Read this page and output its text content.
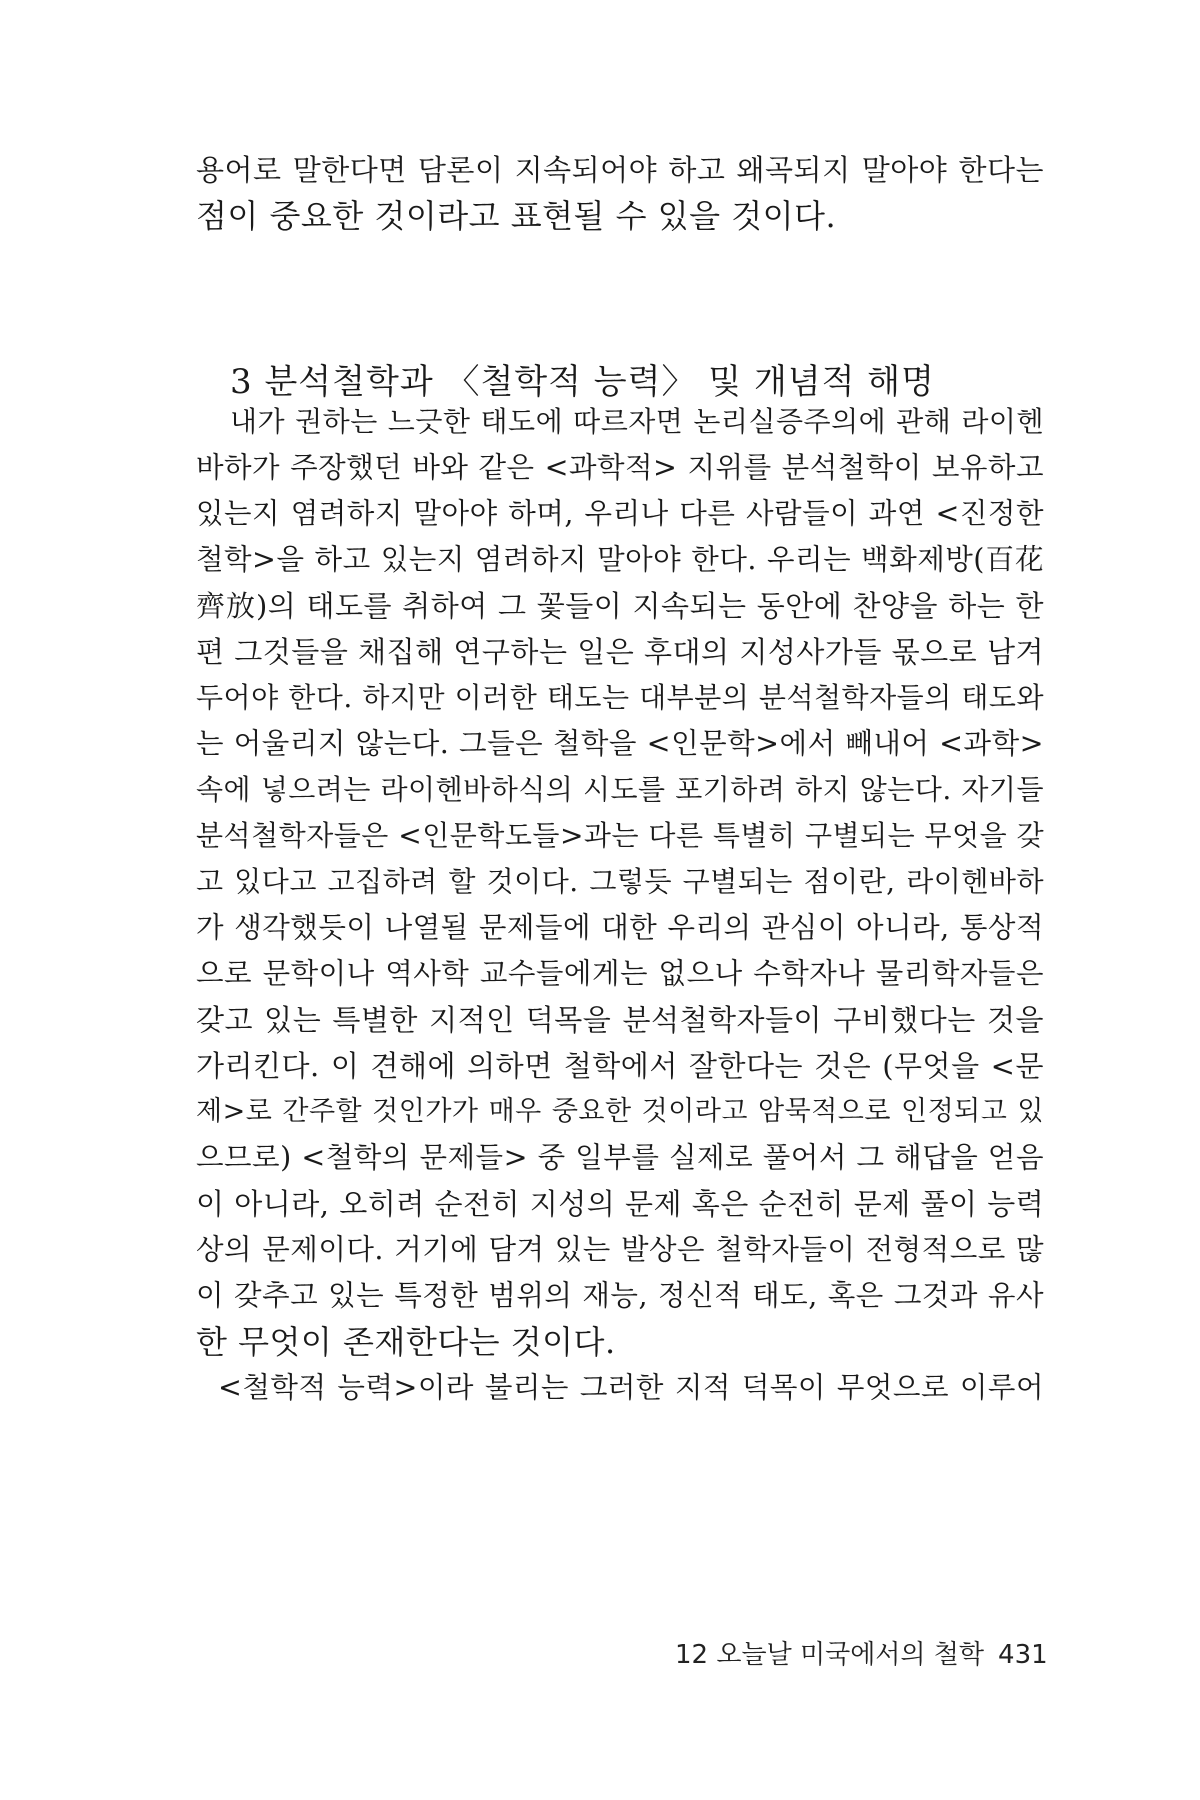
용어로 말한다면 담론이 지속되어야 하고 왜곡되지 말아야 한다는
점이 중요한 것이라고 표현될 수 있을 것이다.
3 분석철학과 〈철학적 능력〉 및 개념적 해명
내가 권하는 느긋한 태도에 따르자면 논리실증주의에 관해 라이헨
바하가 주장했던 바와 같은 <과학적> 지위를 분석철학이 보유하고
있는지 염려하지 말아야 하며, 우리나 다른 사람들이 과연 <진정한
철학>을 하고 있는지 염려하지 말아야 한다. 우리는 백화제방(百花
齊放)의 태도를 취하여 그 꽃들이 지속되는 동안에 찬양을 하는 한
편 그것들을 채집해 연구하는 일은 후대의 지성사가들 몫으로 남겨
두어야 한다. 하지만 이러한 태도는 대부분의 분석철학자들의 태도와
는 어울리지 않는다. 그들은 철학을 <인문학>에서 빼내어 <과학>
속에 넣으려는 라이헨바하식의 시도를 포기하려 하지 않는다. 자기들
분석철학자들은 <인문학도들>과는 다른 특별히 구별되는 무엇을 갖
고 있다고 고집하려 할 것이다. 그렇듯 구별되는 점이란, 라이헨바하
가 생각했듯이 나열될 문제들에 대한 우리의 관심이 아니라, 통상적
으로 문학이나 역사학 교수들에게는 없으나 수학자나 물리학자들은
갖고 있는 특별한 지적인 덕목을 분석철학자들이 구비했다는 것을
가리킨다. 이 견해에 의하면 철학에서 잘한다는 것은 (무엇을 <문
제>로 간주할 것인가가 매우 중요한 것이라고 암묵적으로 인정되고 있
으므로) <철학의 문제들> 중 일부를 실제로 풀어서 그 해답을 얻음
이 아니라, 오히려 순전히 지성의 문제 혹은 순전히 문제 풀이 능력
상의 문제이다. 거기에 담겨 있는 발상은 철학자들이 전형적으로 많
이 갖추고 있는 특정한 범위의 재능, 정신적 태도, 혹은 그것과 유사
한 무엇이 존재한다는 것이다.
<철학적 능력>이라 불리는 그러한 지적 덕목이 무엇으로 이루어
12 오늘날 미국에서의 철학 431
